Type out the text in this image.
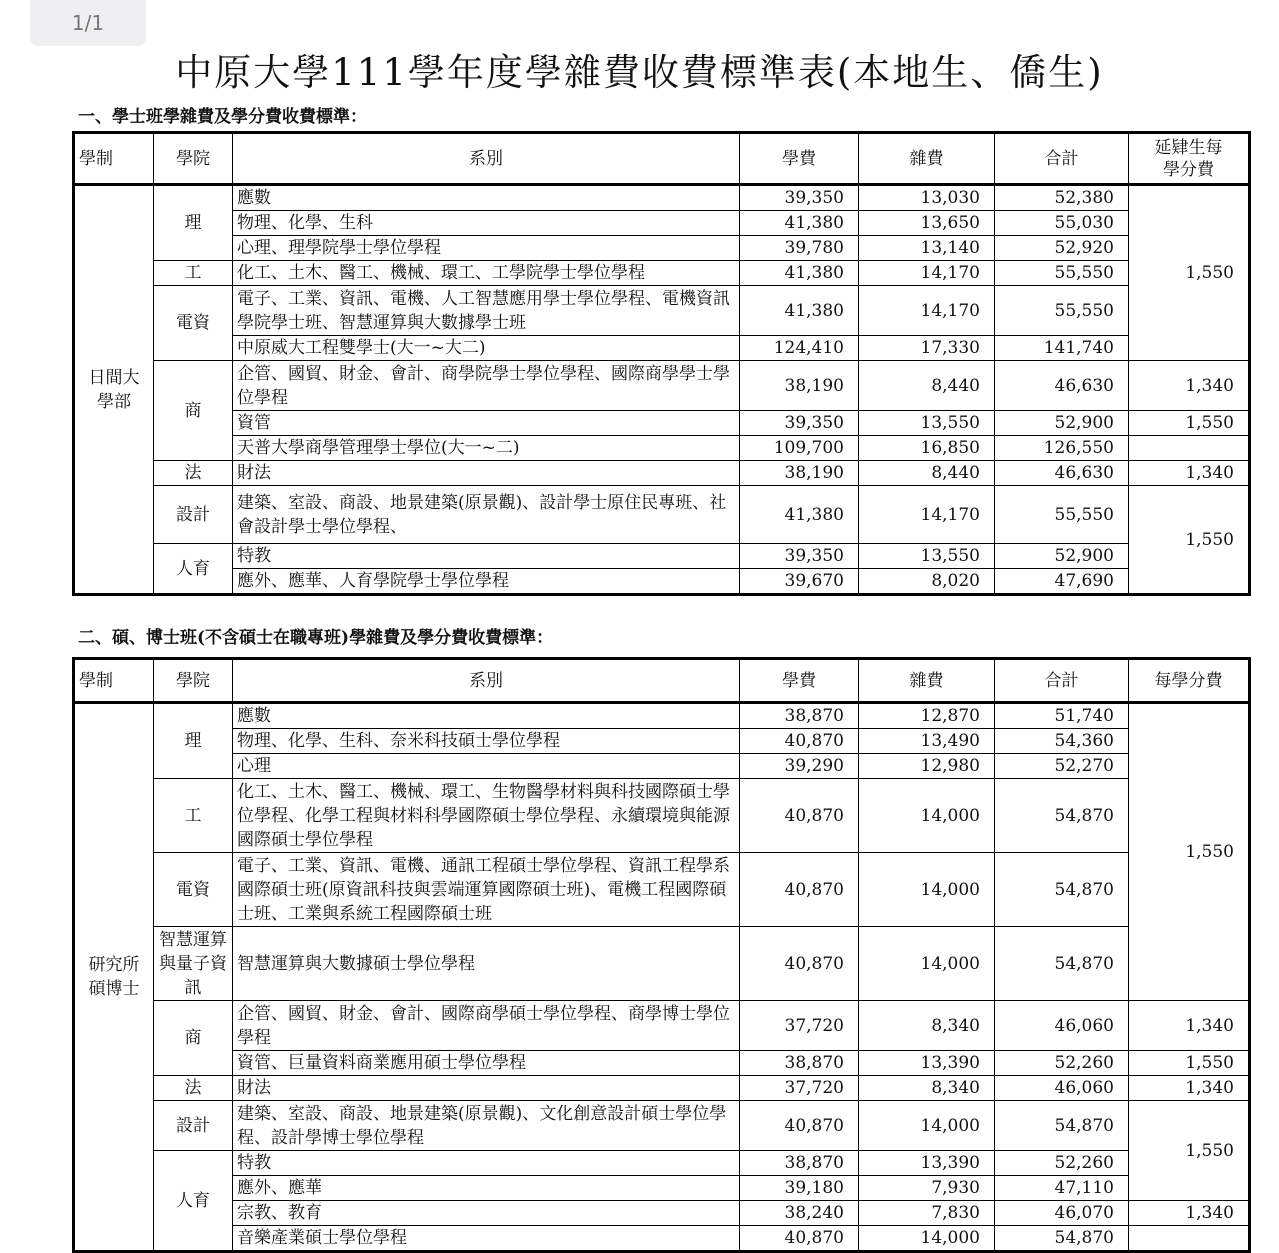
1/1
中原大學111學年度學雜費收費標準表(本地生、僑生)
一、學士班學雜費及學分費收費標準：
學制	學院	系別	學費	雜費	合計	延肄生每學分費
日間大學部	理	應數	39,350	13,030	52,380	1,550
		物理、化學、生科	41,380	13,650	55,030	
		心理、理學院學士學位學程	39,780	13,140	52,920	
	工	化工、土木、醫工、機械、環工、工學院學士學位學程	41,380	14,170	55,550	
	電資	電子、工業、資訊、電機、人工智慧應用學士學位學程、電機資訊學院學士班、智慧運算與大數據學士班	41,380	14,170	55,550	
		中原威大工程雙學士(大一~大二)	124,410	17,330	141,740	
	商	企管、國貿、財金、會計、商學院學士學位學程、國際商學學士學位學程	38,190	8,440	46,630	1,340
		資管	39,350	13,550	52,900	1,550
		天普大學商學管理學士學位(大一~二)	109,700	16,850	126,550	
	法	財法	38,190	8,440	46,630	1,340
	設計	建築、室設、商設、地景建築(原景觀)、設計學士原住民專班、社會設計學士學位學程、	41,380	14,170	55,550	1,550
	人育	特教	39,350	13,550	52,900	
		應外、應華、人育學院學士學位學程	39,670	8,020	47,690	
二、碩、博士班(不含碩士在職專班)學雜費及學分費收費標準：
學制	學院	系別	學費	雜費	合計	每學分費
研究所碩博士	理	應數	38,870	12,870	51,740	1,550
		物理、化學、生科、奈米科技碩士學位學程	40,870	13,490	54,360	
		心理	39,290	12,980	52,270	
	工	化工、土木、醫工、機械、環工、生物醫學材料與科技國際碩士學位學程、化學工程與材料科學國際碩士學位學程、永續環境與能源國際碩士學位學程	40,870	14,000	54,870	
	電資	電子、工業、資訊、電機、通訊工程碩士學位學程、資訊工程學系國際碩士班(原資訊科技與雲端運算國際碩士班)、電機工程國際碩士班、工業與系統工程國際碩士班	40,870	14,000	54,870	
	智慧運算與量子資訊	智慧運算與大數據碩士學位學程	40,870	14,000	54,870	
	商	企管、國貿、財金、會計、國際商學碩士學位學程、商學博士學位學程	37,720	8,340	46,060	1,340
		資管、巨量資料商業應用碩士學位學程	38,870	13,390	52,260	1,550
	法	財法	37,720	8,340	46,060	1,340
	設計	建築、室設、商設、地景建築(原景觀)、文化創意設計碩士學位學程、設計學博士學位學程	40,870	14,000	54,870	1,550
	人育	特教	38,870	13,390	52,260	
		應外、應華	39,180	7,930	47,110	
		宗教、教育	38,240	7,830	46,070	1,340
		音樂產業碩士學位學程	40,870	14,000	54,870	
